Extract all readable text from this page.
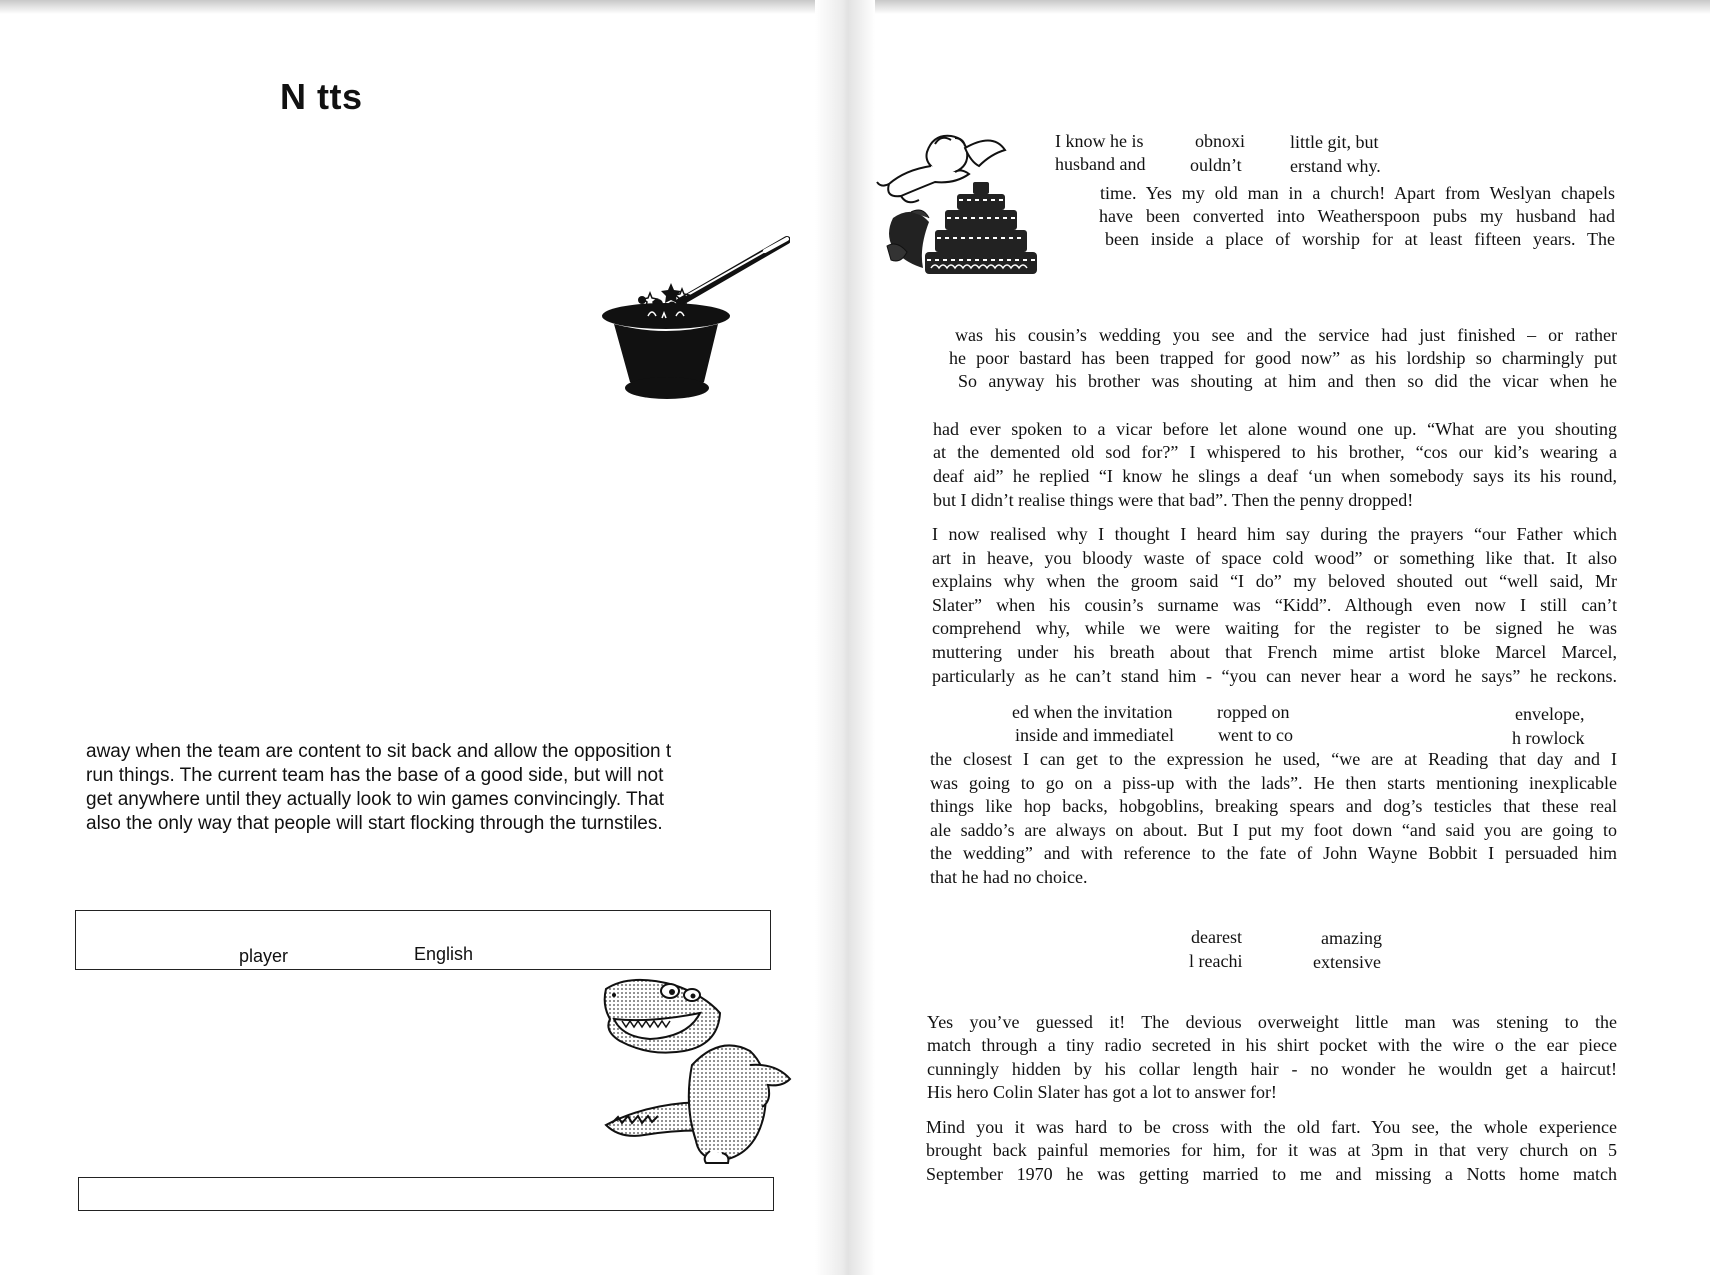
N tts

away when the team are content to sit back and allow the opposition t
run things. The current team has the base of a good side, but will not
get anywhere until they actually look to win games convincingly. That
also the only way that people will start flocking through the turnstiles.

player	English
I know he is	obnoxi little git, but
husband and ouldn’t	erstand why.
time. Yes my old man in a church! Apart from Weslyan chapels
have been converted into Weatherspoon pubs my husband had
been inside a place of worship for at least fifteen years. The
was his cousin’s wedding you see and the service had just finished – or rather
he poor bastard has been trapped for good now” as his lordship so charmingly put
So anyway his brother was shouting at him and then so did the vicar when he
had ever spoken to a vicar before let alone wound one up. “What are you shouting
at the demented old sod for?” I whispered to his brother, “cos our kid’s wearing a
deaf aid” he replied “I know he slings a deaf ‘un when somebody says its his round,
but I didn’t realise things were that bad”. Then the penny dropped!
I now realised why I thought I heard him say during the prayers “our Father which
art in heave, you bloody waste of space cold wood” or something like that. It also
explains why when the groom said “I do” my beloved shouted out “well said, Mr
Slater” when his cousin’s surname was “Kidd”. Although even now I still can’t
comprehend why, while we were waiting for the register to be signed he was
muttering under his breath about that French mime artist bloke Marcel Marcel,
particularly as he can’t stand him - “you can never hear a word he says” he reckons.
ed when the invitation ropped on	envelope,
inside and immediatel went to co	h rowlock
the closest I can get to the expression he used, “we are at Reading that day and I
was going to go on a piss-up with the lads”. He then starts mentioning inexplicable
things like hop backs, hobgoblins, breaking spears and dog’s testicles that these real
ale saddo’s are always on about. But I put my foot down “and said you are going to
the wedding” and with reference to the fate of John Wayne Bobbit I persuaded him
that he had no choice.
dearest	amazing
l reachi	extensive
Yes you’ve guessed it! The devious overweight little man was stening to the
match through a tiny radio secreted in his shirt pocket with the wire o the ear piece
cunningly hidden by his collar length hair - no wonder he wouldn get a haircut!
His hero Colin Slater has got a lot to answer for!
Mind you it was hard to be cross with the old fart. You see, the whole experience
brought back painful memories for him, for it was at 3pm in that very church on 5
September 1970 he was getting married to me and missing a Notts home match
